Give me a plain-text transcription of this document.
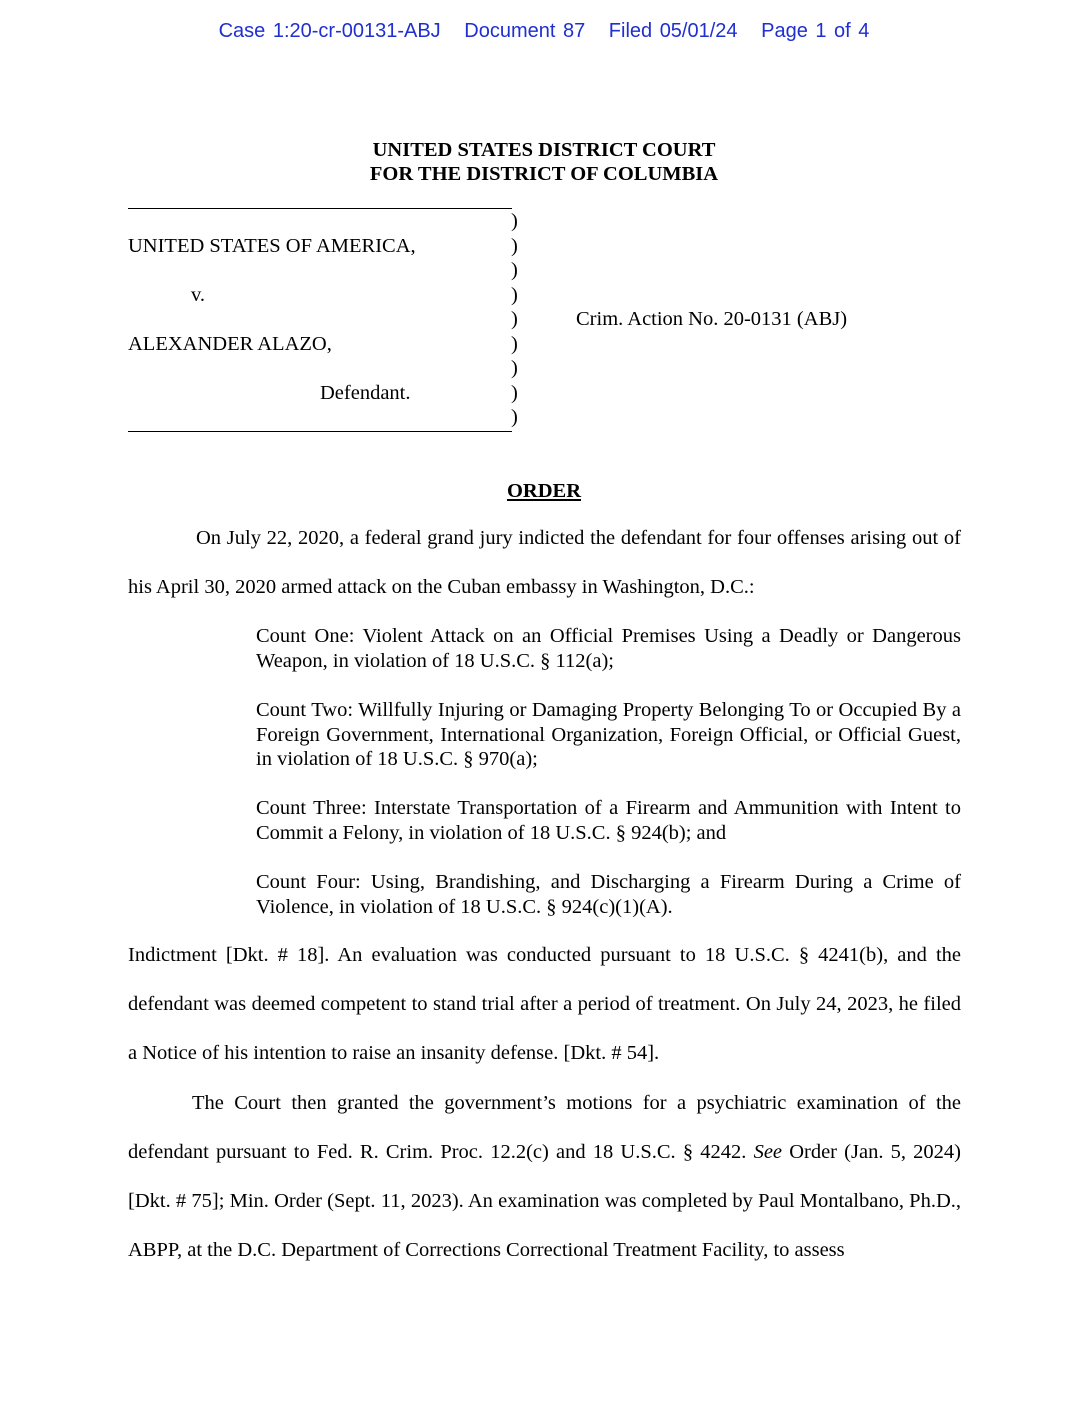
Case 1:20-cr-00131-ABJ Document 87 Filed 05/01/24 Page 1 of 4
UNITED STATES DISTRICT COURT
FOR THE DISTRICT OF COLUMBIA
UNITED STATES OF AMERICA,
v.
ALEXANDER ALAZO,
Defendant.
)
)
)
)
)
)
)
)
)
Crim. Action No. 20-0131 (ABJ)
ORDER

On July 22, 2020, a federal grand jury indicted the defendant for four offenses arising out of his April 30, 2020 armed attack on the Cuban embassy in Washington, D.C.:

Count One: Violent Attack on an Official Premises Using a Deadly or Dangerous Weapon, in violation of 18 U.S.C. § 112(a);

Count Two: Willfully Injuring or Damaging Property Belonging To or Occupied By a Foreign Government, International Organization, Foreign Official, or Official Guest, in violation of 18 U.S.C. § 970(a);

Count Three: Interstate Transportation of a Firearm and Ammunition with Intent to Commit a Felony, in violation of 18 U.S.C. § 924(b); and

Count Four: Using, Brandishing, and Discharging a Firearm During a Crime of Violence, in violation of 18 U.S.C. § 924(c)(1)(A).

Indictment [Dkt. # 18]. An evaluation was conducted pursuant to 18 U.S.C. § 4241(b), and the defendant was deemed competent to stand trial after a period of treatment. On July 24, 2023, he filed a Notice of his intention to raise an insanity defense. [Dkt. # 54].

The Court then granted the government’s motions for a psychiatric examination of the defendant pursuant to Fed. R. Crim. Proc. 12.2(c) and 18 U.S.C. § 4242. See Order (Jan. 5, 2024) [Dkt. # 75]; Min. Order (Sept. 11, 2023). An examination was completed by Paul Montalbano, Ph.D., ABPP, at the D.C. Department of Corrections Correctional Treatment Facility, to assess
